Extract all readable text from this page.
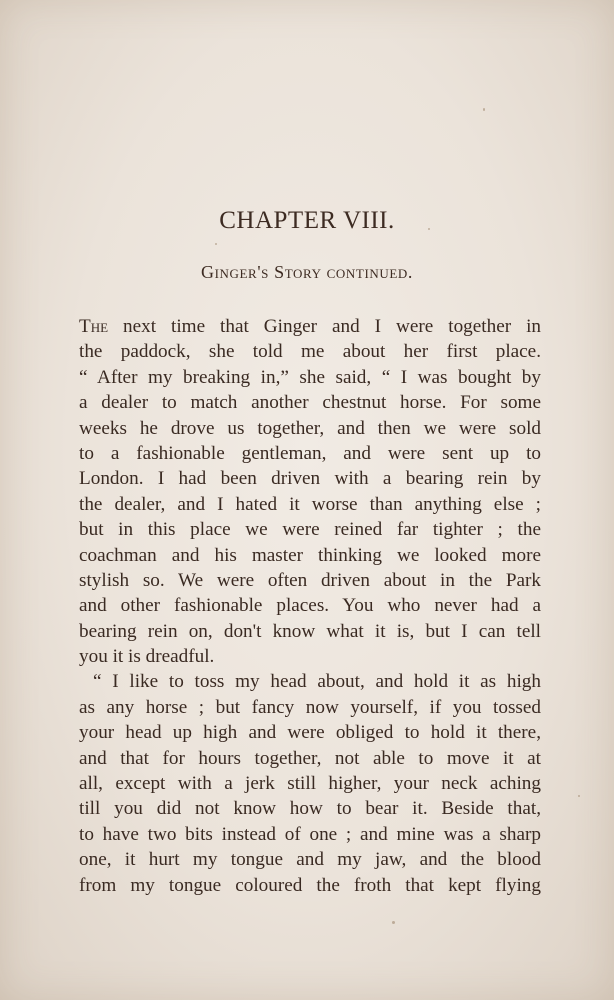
CHAPTER VIII.
Ginger's Story continued.
The next time that Ginger and I were together in
the paddock, she told me about her first place.
“ After my breaking in,” she said, “ I was bought by
a dealer to match another chestnut horse. For some
weeks he drove us together, and then we were sold
to a fashionable gentleman, and were sent up to
London. I had been driven with a bearing rein by
the dealer, and I hated it worse than anything else ;
but in this place we were reined far tighter ; the
coachman and his master thinking we looked more
stylish so. We were often driven about in the Park
and other fashionable places. You who never had a
bearing rein on, don't know what it is, but I can tell
you it is dreadful.
“ I like to toss my head about, and hold it as high
as any horse ; but fancy now yourself, if you tossed
your head up high and were obliged to hold it there,
and that for hours together, not able to move it at
all, except with a jerk still higher, your neck aching
till you did not know how to bear it. Beside that,
to have two bits instead of one ; and mine was a sharp
one, it hurt my tongue and my jaw, and the blood
from my tongue coloured the froth that kept flying
